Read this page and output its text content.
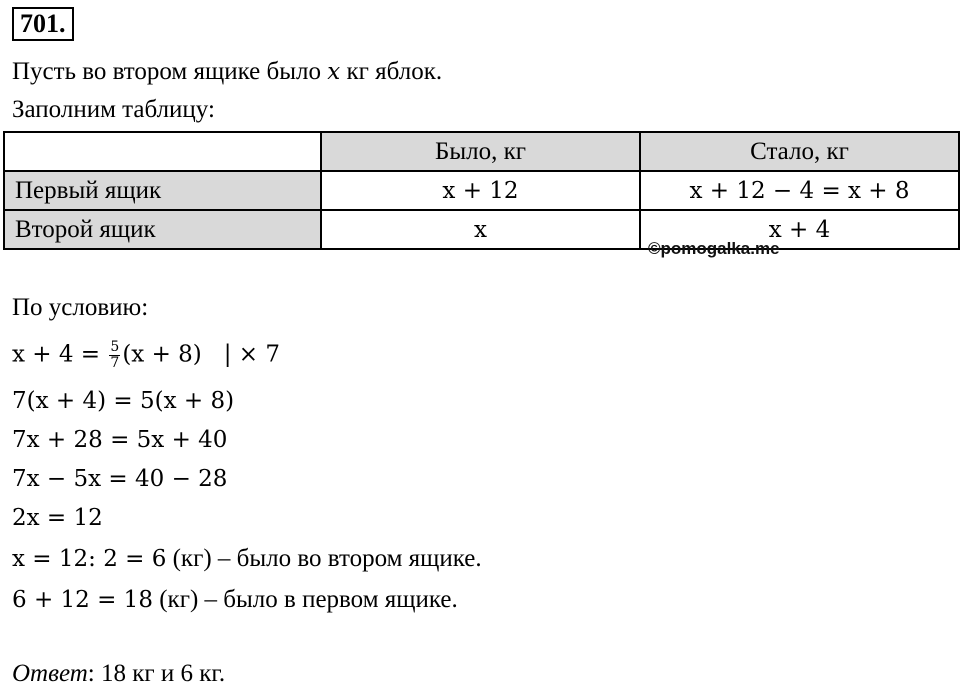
701.
Пусть во втором ящике было x кг яблок.
Заполним таблицу:
	Было, кг	Стало, кг
Первый ящик	x + 12	x + 12 − 4 = x + 8
Второй ящик	x	x + 4
©pomogalka.me
По условию:
$x + 4 = \frac{5}{7} (x + 8)$   | × 7
7(x + 4) = 5(x + 8)
7x + 28 = 5x + 40
7x − 5x = 40 − 28
2x = 12
x = 12: 2 = 6 (кг) – было во втором ящике.
6 + 12 = 18 (кг) – было в первом ящике.
Ответ: 18 кг и 6 кг.
